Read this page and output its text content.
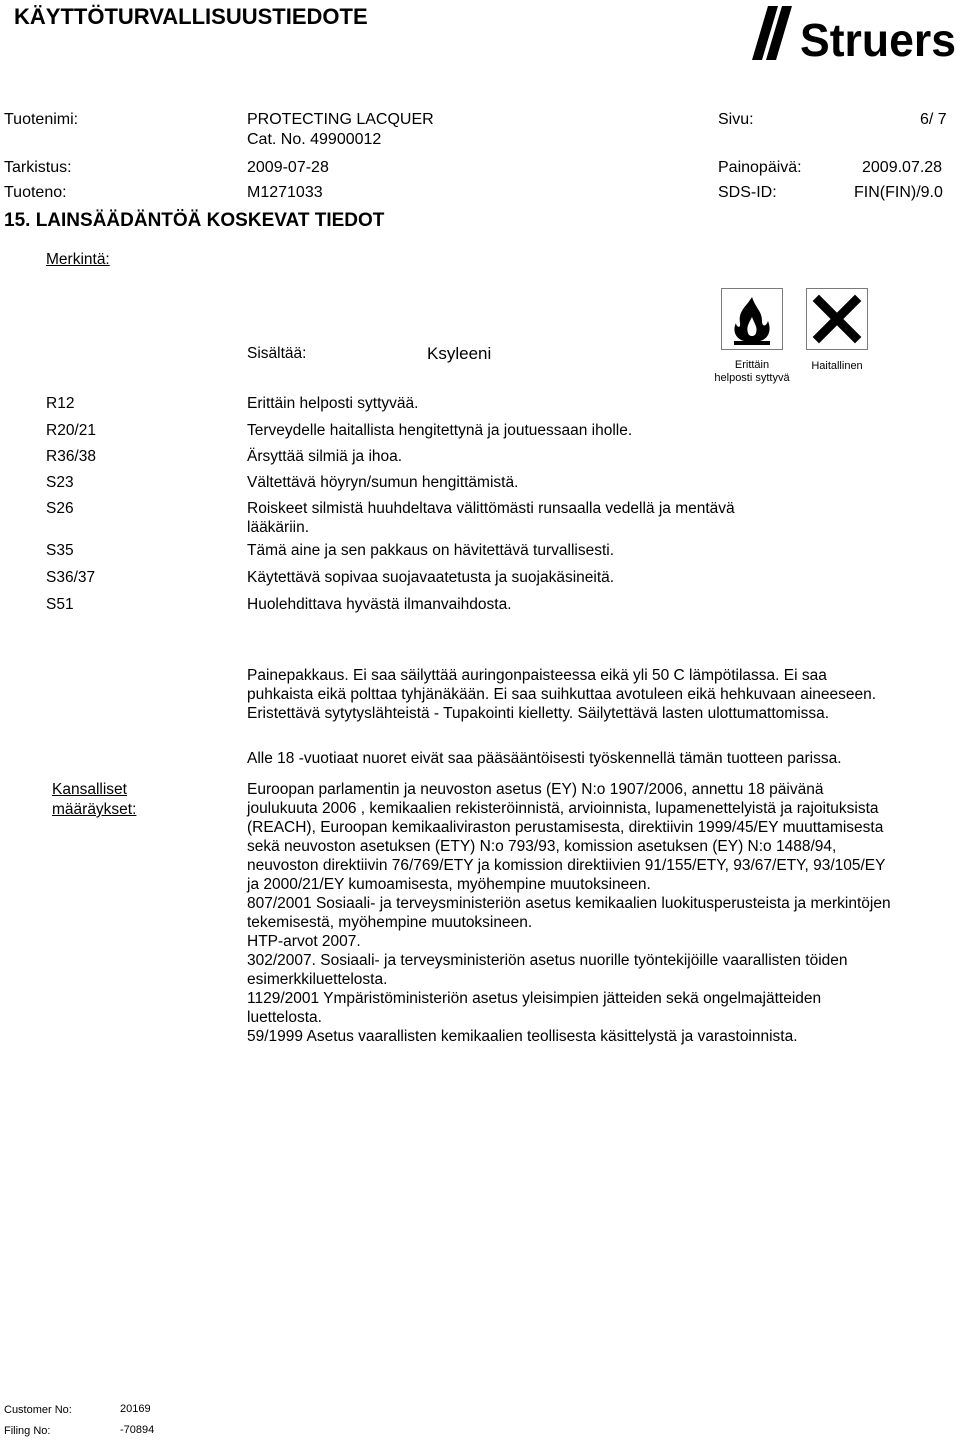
KÄYTTÖTURVALLISUUSTIEDOTE	Struers
Tuotenimi:	PROTECTING LACQUER
Cat. No. 49900012
Sivu:	6/ 7
Tarkistus:	2009-07-28	Painopäivä:	2009.07.28
Tuoteno:	M1271033	SDS-ID:	FIN(FIN)/9.0
15. LAINSÄÄDÄNTÖÄ KOSKEVAT TIEDOT
Merkintä:
Sisältää:	Ksyleeni
Erittäin
helposti syttyvä
Haitallinen
R12	Erittäin helposti syttyvää.
R20/21	Terveydelle haitallista hengitettynä ja joutuessaan iholle.
R36/38	Ärsyttää silmiä ja ihoa.
S23	Vältettävä höyryn/sumun hengittämistä.
S26	Roiskeet silmistä huuhdeltava välittömästi runsaalla vedellä ja mentävä
lääkäriin.
S35	Tämä aine ja sen pakkaus on hävitettävä turvallisesti.
S36/37	Käytettävä sopivaa suojavaatetusta ja suojakäsineitä.
S51	Huolehdittava hyvästä ilmanvaihdosta.
Painepakkaus. Ei saa säilyttää auringonpaisteessa eikä yli 50 C lämpötilassa. Ei saa
puhkaista eikä polttaa tyhjänäkään. Ei saa suihkuttaa avotuleen eikä hehkuvaan aineeseen.
Eristettävä sytytyslähteistä - Tupakointi kielletty. Säilytettävä lasten ulottumattomissa.
Alle 18 -vuotiaat nuoret eivät saa pääsääntöisesti työskennellä tämän tuotteen parissa.
Kansalliset
määräykset:
Euroopan parlamentin ja neuvoston asetus (EY) N:o 1907/2006, annettu 18 päivänä
joulukuuta 2006 , kemikaalien rekisteröinnistä, arvioinnista, lupamenettelyistä ja rajoituksista
(REACH), Euroopan kemikaaliviraston perustamisesta, direktiivin 1999/45/EY muuttamisesta
sekä neuvoston asetuksen (ETY) N:o 793/93, komission asetuksen (EY) N:o 1488/94,
neuvoston direktiivin 76/769/ETY ja komission direktiivien 91/155/ETY, 93/67/ETY, 93/105/EY
ja 2000/21/EY kumoamisesta, myöhempine muutoksineen.
807/2001 Sosiaali- ja terveysministeriön asetus kemikaalien luokitusperusteista ja merkintöjen
tekemisestä, myöhempine muutoksineen.
HTP-arvot 2007.
302/2007. Sosiaali- ja terveysministeriön asetus nuorille työntekijöille vaarallisten töiden
esimerkkiluettelosta.
1129/2001 Ympäristöministeriön asetus yleisimpien jätteiden sekä ongelmajätteiden
luettelosta.
59/1999 Asetus vaarallisten kemikaalien teollisesta käsittelystä ja varastoinnista.
Customer No:	20169
Filing No:	-70894
